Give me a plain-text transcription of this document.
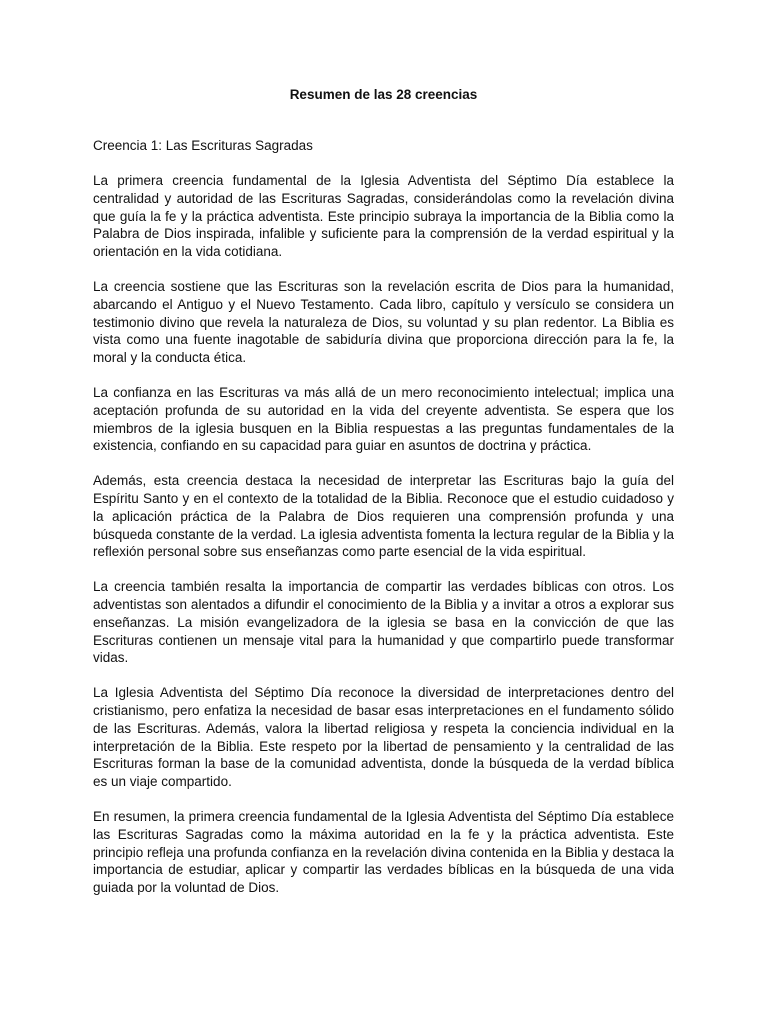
Resumen de las 28 creencias

Creencia 1: Las Escrituras Sagradas

La primera creencia fundamental de la Iglesia Adventista del Séptimo Día establece la centralidad y autoridad de las Escrituras Sagradas, considerándolas como la revelación divina que guía la fe y la práctica adventista. Este principio subraya la importancia de la Biblia como la Palabra de Dios inspirada, infalible y suficiente para la comprensión de la verdad espiritual y la orientación en la vida cotidiana.

La creencia sostiene que las Escrituras son la revelación escrita de Dios para la humanidad, abarcando el Antiguo y el Nuevo Testamento. Cada libro, capítulo y versículo se considera un testimonio divino que revela la naturaleza de Dios, su voluntad y su plan redentor. La Biblia es vista como una fuente inagotable de sabiduría divina que proporciona dirección para la fe, la moral y la conducta ética.

La confianza en las Escrituras va más allá de un mero reconocimiento intelectual; implica una aceptación profunda de su autoridad en la vida del creyente adventista. Se espera que los miembros de la iglesia busquen en la Biblia respuestas a las preguntas fundamentales de la existencia, confiando en su capacidad para guiar en asuntos de doctrina y práctica.

Además, esta creencia destaca la necesidad de interpretar las Escrituras bajo la guía del Espíritu Santo y en el contexto de la totalidad de la Biblia. Reconoce que el estudio cuidadoso y la aplicación práctica de la Palabra de Dios requieren una comprensión profunda y una búsqueda constante de la verdad. La iglesia adventista fomenta la lectura regular de la Biblia y la reflexión personal sobre sus enseñanzas como parte esencial de la vida espiritual.

La creencia también resalta la importancia de compartir las verdades bíblicas con otros. Los adventistas son alentados a difundir el conocimiento de la Biblia y a invitar a otros a explorar sus enseñanzas. La misión evangelizadora de la iglesia se basa en la convicción de que las Escrituras contienen un mensaje vital para la humanidad y que compartirlo puede transformar vidas.

La Iglesia Adventista del Séptimo Día reconoce la diversidad de interpretaciones dentro del cristianismo, pero enfatiza la necesidad de basar esas interpretaciones en el fundamento sólido de las Escrituras. Además, valora la libertad religiosa y respeta la conciencia individual en la interpretación de la Biblia. Este respeto por la libertad de pensamiento y la centralidad de las Escrituras forman la base de la comunidad adventista, donde la búsqueda de la verdad bíblica es un viaje compartido.

En resumen, la primera creencia fundamental de la Iglesia Adventista del Séptimo Día establece las Escrituras Sagradas como la máxima autoridad en la fe y la práctica adventista. Este principio refleja una profunda confianza en la revelación divina contenida en la Biblia y destaca la importancia de estudiar, aplicar y compartir las verdades bíblicas en la búsqueda de una vida guiada por la voluntad de Dios.
